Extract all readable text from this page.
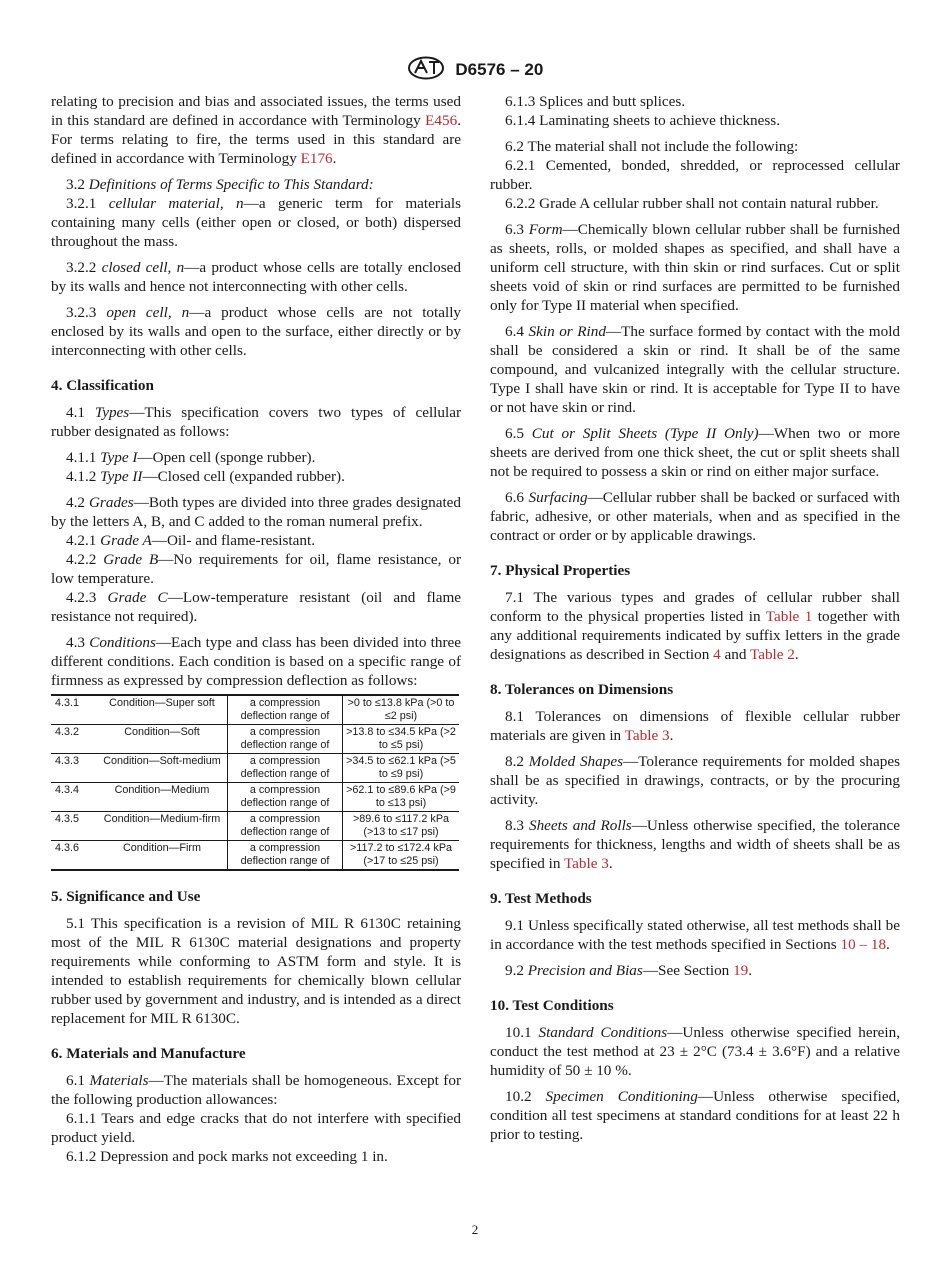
D6576 – 20

relating to precision and bias and associated issues, the terms used in this standard are defined in accordance with Terminology E456. For terms relating to fire, the terms used in this standard are defined in accordance with Terminology E176.

3.2 Definitions of Terms Specific to This Standard:

3.2.1 cellular material, n—a generic term for materials containing many cells (either open or closed, or both) dispersed throughout the mass.

3.2.2 closed cell, n—a product whose cells are totally enclosed by its walls and hence not interconnecting with other cells.

3.2.3 open cell, n—a product whose cells are not totally enclosed by its walls and open to the surface, either directly or by interconnecting with other cells.

4. Classification

4.1 Types—This specification covers two types of cellular rubber designated as follows:

4.1.1 Type I—Open cell (sponge rubber).

4.1.2 Type II—Closed cell (expanded rubber).

4.2 Grades—Both types are divided into three grades designated by the letters A, B, and C added to the roman numeral prefix.

4.2.1 Grade A—Oil- and flame-resistant.

4.2.2 Grade B—No requirements for oil, flame resistance, or low temperature.

4.2.3 Grade C—Low-temperature resistant (oil and flame resistance not required).

4.3 Conditions—Each type and class has been divided into three different conditions. Each condition is based on a specific range of firmness as expressed by compression deflection as follows:

4.3.1	Condition—Super soft	a compression deflection range of	>0 to ≤13.8 kPa (>0 to ≤2 psi)
4.3.2	Condition—Soft	a compression deflection range of	>13.8 to ≤34.5 kPa (>2 to ≤5 psi)
4.3.3	Condition—Soft-medium	a compression deflection range of	>34.5 to ≤62.1 kPa (>5 to ≤9 psi)
4.3.4	Condition—Medium	a compression deflection range of	>62.1 to ≤89.6 kPa (>9 to ≤13 psi)
4.3.5	Condition—Medium-firm	a compression deflection range of	>89.6 to ≤117.2 kPa (>13 to ≤17 psi)
4.3.6	Condition—Firm	a compression deflection range of	>117.2 to ≤172.4 kPa (>17 to ≤25 psi)
5. Significance and Use

5.1 This specification is a revision of MIL R 6130C retaining most of the MIL R 6130C material designations and property requirements while conforming to ASTM form and style. It is intended to establish requirements for chemically blown cellular rubber used by government and industry, and is intended as a direct replacement for MIL R 6130C.

6. Materials and Manufacture

6.1 Materials—The materials shall be homogeneous. Except for the following production allowances:

6.1.1 Tears and edge cracks that do not interfere with specified product yield.

6.1.2 Depression and pock marks not exceeding 1 in.

6.1.3 Splices and butt splices.

6.1.4 Laminating sheets to achieve thickness.

6.2 The material shall not include the following:

6.2.1 Cemented, bonded, shredded, or reprocessed cellular rubber.

6.2.2 Grade A cellular rubber shall not contain natural rubber.

6.3 Form—Chemically blown cellular rubber shall be furnished as sheets, rolls, or molded shapes as specified, and shall have a uniform cell structure, with thin skin or rind surfaces. Cut or split sheets void of skin or rind surfaces are permitted to be furnished only for Type II material when specified.

6.4 Skin or Rind—The surface formed by contact with the mold shall be considered a skin or rind. It shall be of the same compound, and vulcanized integrally with the cellular structure. Type I shall have skin or rind. It is acceptable for Type II to have or not have skin or rind.

6.5 Cut or Split Sheets (Type II Only)—When two or more sheets are derived from one thick sheet, the cut or split sheets shall not be required to possess a skin or rind on either major surface.

6.6 Surfacing—Cellular rubber shall be backed or surfaced with fabric, adhesive, or other materials, when and as specified in the contract or order or by applicable drawings.

7. Physical Properties

7.1 The various types and grades of cellular rubber shall conform to the physical properties listed in Table 1 together with any additional requirements indicated by suffix letters in the grade designations as described in Section 4 and Table 2.

8. Tolerances on Dimensions

8.1 Tolerances on dimensions of flexible cellular rubber materials are given in Table 3.

8.2 Molded Shapes—Tolerance requirements for molded shapes shall be as specified in drawings, contracts, or by the procuring activity.

8.3 Sheets and Rolls—Unless otherwise specified, the tolerance requirements for thickness, lengths and width of sheets shall be as specified in Table 3.

9. Test Methods

9.1 Unless specifically stated otherwise, all test methods shall be in accordance with the test methods specified in Sections 10 – 18.

9.2 Precision and Bias—See Section 19.

10. Test Conditions

10.1 Standard Conditions—Unless otherwise specified herein, conduct the test method at 23 ± 2°C (73.4 ± 3.6°F) and a relative humidity of 50 ± 10 %.

10.2 Specimen Conditioning—Unless otherwise specified, condition all test specimens at standard conditions for at least 22 h prior to testing.

2
